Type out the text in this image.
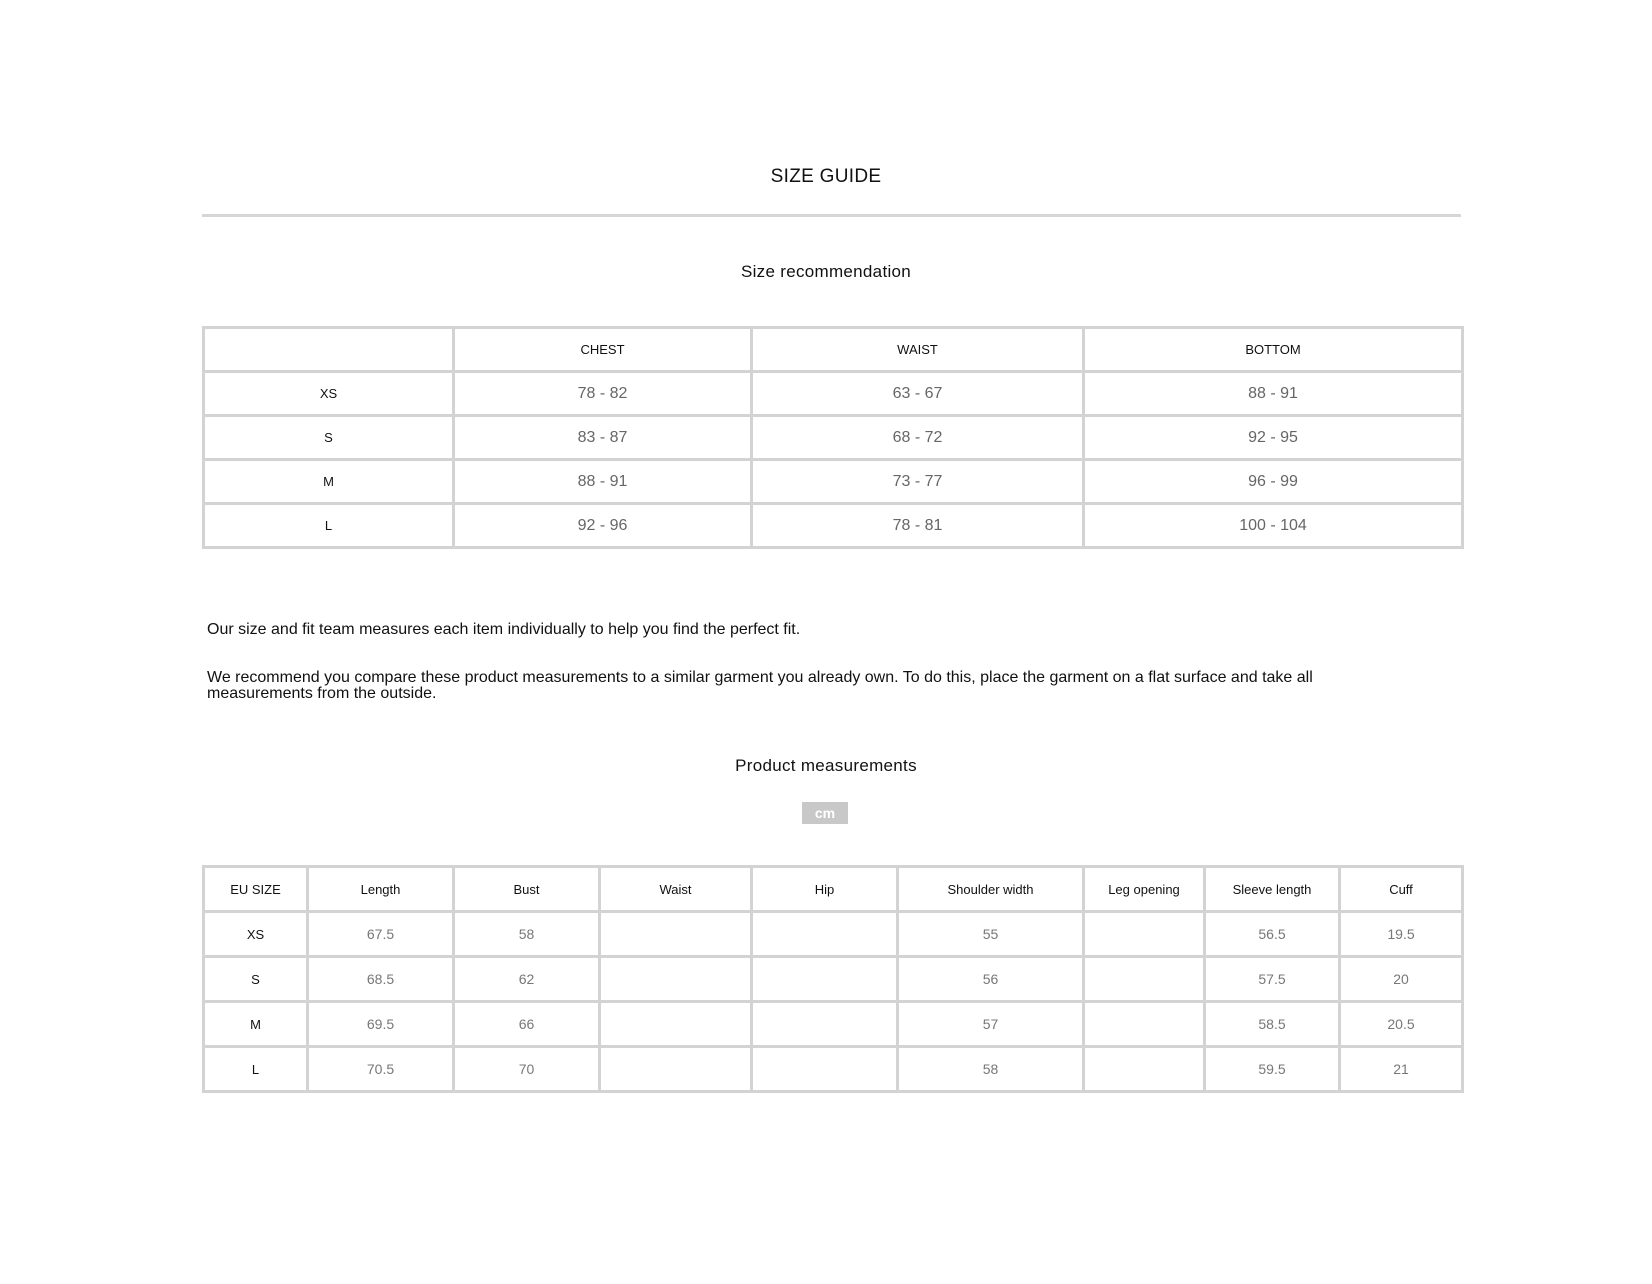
SIZE GUIDE
Size recommendation
	CHEST	WAIST	BOTTOM
XS	78 - 82	63 - 67	88 - 91
S	83 - 87	68 - 72	92 - 95
M	88 - 91	73 - 77	96 - 99
L	92 - 96	78 - 81	100 - 104
Our size and fit team measures each item individually to help you find the perfect fit.
We recommend you compare these product measurements to a similar garment you already own. To do this, place the garment on a flat surface and take all measurements from the outside.
Product measurements
cm
EU SIZE	Length	Bust	Waist	Hip	Shoulder width	Leg opening	Sleeve length	Cuff
XS	67.5	58			55		56.5	19.5
S	68.5	62			56		57.5	20
M	69.5	66			57		58.5	20.5
L	70.5	70			58		59.5	21
